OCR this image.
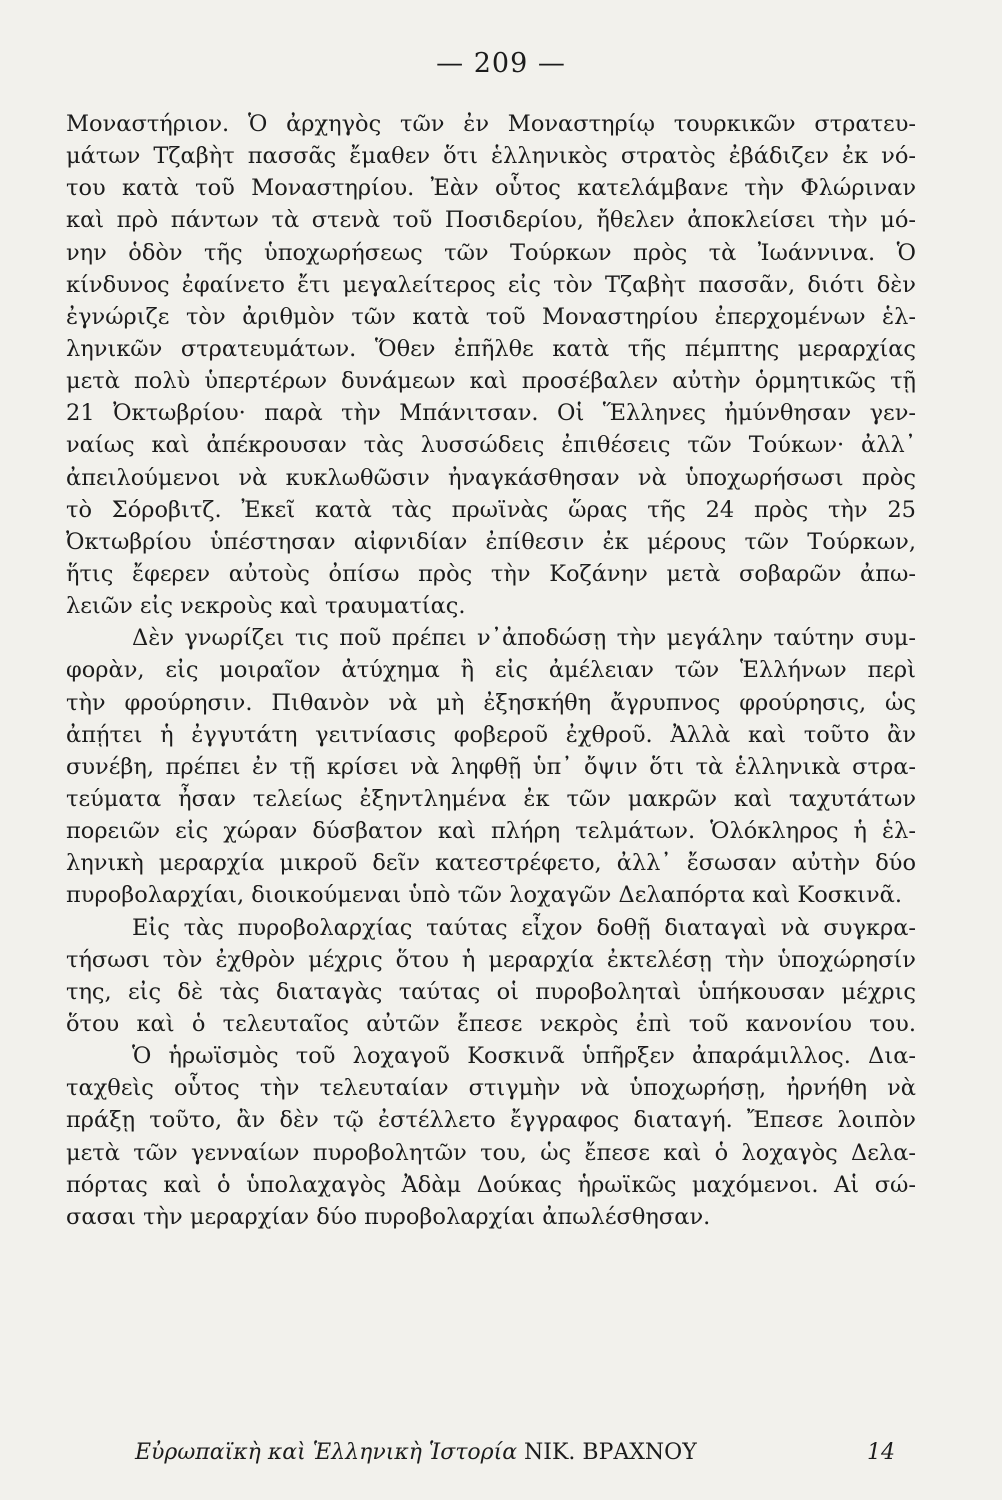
— 209 —
Μοναστήριον. Ὁ ἀρχηγὸς τῶν ἐν Μοναστηρίῳ τουρκικῶν στρατευ-
μάτων Τζαβὴτ πασσᾶς ἔμαθεν ὅτι ἑλληνικὸς στρατὸς ἐβάδιζεν ἐκ νό-
του κατὰ τοῦ Μοναστηρίου. Ἐὰν οὗτος κατελάμβανε τὴν Φλώριναν
καὶ πρὸ πάντων τὰ στενὰ τοῦ Ποσιδερίου, ἤθελεν ἀποκλείσει τὴν μό-
νην ὁδὸν τῆς ὑποχωρήσεως τῶν Τούρκων πρὸς τὰ Ἰωάννινα. Ὁ
κίνδυνος ἐφαίνετο ἔτι μεγαλείτερος εἰς τὸν Τζαβὴτ πασσᾶν, διότι δὲν
ἐγνώριζε τὸν ἀριθμὸν τῶν κατὰ τοῦ Μοναστηρίου ἐπερχομένων ἑλ-
ληνικῶν στρατευμάτων. Ὅθεν ἐπῆλθε κατὰ τῆς πέμπτης μεραρχίας
μετὰ πολὺ ὑπερτέρων δυνάμεων καὶ προσέβαλεν αὐτὴν ὁρμητικῶς τῇ
21 Ὀκτωβρίου· παρὰ τὴν Μπάνιτσαν. Οἱ Ἕλληνες ἠμύνθησαν γεν-
ναίως καὶ ἀπέκρουσαν τὰς λυσσώδεις ἐπιθέσεις τῶν Τούκων· ἀλλ᾿
ἀπειλούμενοι νὰ κυκλωθῶσιν ἠναγκάσθησαν νὰ ὑποχωρήσωσι πρὸς
τὸ Σόροβιτζ. Ἐκεῖ κατὰ τὰς πρωϊνὰς ὥρας τῆς 24 πρὸς τὴν 25
Ὀκτωβρίου ὑπέστησαν αἰφνιδίαν ἐπίθεσιν ἐκ μέρους τῶν Τούρκων,
ἥτις ἔφερεν αὐτοὺς ὀπίσω πρὸς τὴν Κοζάνην μετὰ σοβαρῶν ἀπω-
λειῶν εἰς νεκροὺς καὶ τραυματίας.
Δὲν γνωρίζει τις ποῦ πρέπει ν᾿ἀποδώσῃ τὴν μεγάλην ταύτην συμ-
φορὰν, εἰς μοιραῖον ἀτύχημα ἢ εἰς ἀμέλειαν τῶν Ἑλλήνων περὶ
τὴν φρούρησιν. Πιθανὸν νὰ μὴ ἐξησκήθη ἄγρυπνος φρούρησις, ὡς
ἀπῄτει ἡ ἐγγυτάτη γειτνίασις φοβεροῦ ἐχθροῦ. Ἀλλὰ καὶ τοῦτο ἂν
συνέβη, πρέπει ἐν τῇ κρίσει νὰ ληφθῇ ὑπ᾿ ὄψιν ὅτι τὰ ἑλληνικὰ στρα-
τεύματα ἦσαν τελείως ἐξηντλημένα ἐκ τῶν μακρῶν καὶ ταχυτάτων
πορειῶν εἰς χώραν δύσβατον καὶ πλήρη τελμάτων. Ὁλόκληρος ἡ ἑλ-
ληνικὴ μεραρχία μικροῦ δεῖν κατεστρέφετο, ἀλλ᾿ ἔσωσαν αὐτὴν δύο
πυροβολαρχίαι, διοικούμεναι ὑπὸ τῶν λοχαγῶν Δελαπόρτα καὶ Κοσκινᾶ.
Εἰς τὰς πυροβολαρχίας ταύτας εἶχον δοθῇ διαταγαὶ νὰ συγκρα-
τήσωσι τὸν ἐχθρὸν μέχρις ὅτου ἡ μεραρχία ἐκτελέσῃ τὴν ὑποχώρησίν
της, εἰς δὲ τὰς διαταγὰς ταύτας οἱ πυροβοληταὶ ὑπήκουσαν μέχρις
ὅτου καὶ ὁ τελευταῖος αὐτῶν ἔπεσε νεκρὸς ἐπὶ τοῦ κανονίου του.
Ὁ ἡρωϊσμὸς τοῦ λοχαγοῦ Κοσκινᾶ ὑπῆρξεν ἀπαράμιλλος. Δια-
ταχθεὶς οὗτος τὴν τελευταίαν στιγμὴν νὰ ὑποχωρήσῃ, ἠρνήθη νὰ
πράξῃ τοῦτο, ἂν δὲν τῷ ἐστέλλετο ἔγγραφος διαταγή. Ἔπεσε λοιπὸν
μετὰ τῶν γενναίων πυροβολητῶν του, ὡς ἔπεσε καὶ ὁ λοχαγὸς Δελα-
πόρτας καὶ ὁ ὑπολαχαγὸς Ἀδὰμ Δούκας ἡρωϊκῶς μαχόμενοι. Αἱ σώ-
σασαι τὴν μεραρχίαν δύο πυροβολαρχίαι ἀπωλέσθησαν.
Εὐρωπαϊκὴ καὶ Ἑλληνικὴ Ἱστορία ΝΙΚ. ΒΡΑΧΝΟΥ	14
